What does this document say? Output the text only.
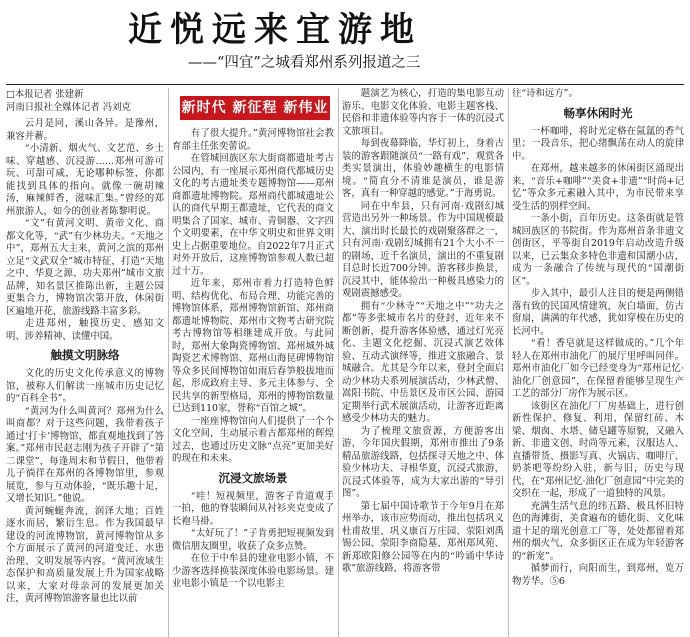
近悦远来宜游地
——“四宜”之城看郑州系列报道之三
□本报记者 张建新
河南日报社全媒体记者 冯刘克

云月是同，溪山各异。是豫州，兼容并蓄。

“小清新、烟火气、文艺范、乡土味、穿越感、沉浸游……郑州可游可玩、可甜可咸，无论哪种标签，你都能找到具体的指向。就像一碗胡辣汤，麻辣鲜香，滋味汇集。”曾经的郑州旅游人，如今的创业者陈黎明说。

“文”有黄河文明、黄帝文化、商都文化等，“武”有少林功夫。“天地之中”，郑州五大主来，黄河之滨的郑州立足“文武双全”城市特征，打造“天地之中、华夏之源、功夫郑州”城市文旅品牌，知名景区推陈出新，主题公园更集合力，博物馆次第开放，休闲街区遍地开花，旅游线路丰富多彩。

走进郑州，触摸历史、感知文明、涉养精神、读懂中国。

触摸文明脉络

文化的历史文化传承意义的博物馆，被称人们解读一座城市历史记忆的“百科全书”。

“黄河为什么叫黄河？郑州为什么叫商都？对于这些问题，我带着孩子通过‘打卡’博物馆，都直观地找到了答案。”郑州市民赵志刚为孩子开辟了“第二课堂”，每逢周末和节假日，他带着儿子徜徉在郑州的各博物馆里，参观展览，参与互动体验，“既乐趣十足，又增长知识。”他说。

黄河蜿蜒奔流，润泽大地；百姓逐水而居，繁衍生息。作为我国最早建设的河流博物馆，黄河博物馆从多个方面展示了黄河的河道变迁、水患治理、文明发展等内容。“黄河流域生态保护和高质量发展上升为国家战略以来，大家对母亲河的发展更加关注，黄河博物馆游客量也比以前

新时代 新征程 新伟业

有了很大提升。”黄河博物馆社会教育部主任张奕蕾说。

在管城回族区东大街商都遗址考古公园内，有一座展示郑州商代都城历史文化的考古遗址类专题博物馆——郑州商都遗址博物院。郑州商代都城遗址公认的商代早期王都遗址，它代表的商文明集合了国家、城市、青铜器、文字四个文明要素，在中华文明史和世界文明史上占据重要地位。自2022年7月正式对外开放后，这座博物馆参观人数已超过十万。

近年来，郑州市着力打造特色鲜明、结构优化、布局合理、功能完善的博物馆体系，郑州博物馆新馆、郑州商都遗址博物院、郑州市文物考古研究院考古博物馆等相继建成开放。与此同时，郑州大象陶瓷博物馆、郑州城外城陶瓷艺术博物馆、郑州山海昆碑博物馆等众多民间博物馆如雨后春笋般拔地而起，形成政府主导、多元主体参与、全民共享的新型格局，郑州的博物馆数量已达到110家，誉称“百馆之城”。

一座座博物馆向人们提供了一个个文化空间，生动展示着古都郑州的辉煌过去，也通过历史文脉“点亮”更加美好的现在和未来。

沉浸文旅场景

“哇！短视频里，游客子肯道观手一拍，他的脊装瞬间从衬衫夹克变成了长袍马褂。

“太好玩了！”子肯勇把短视频发到微信朋友圈里，收获了众多点赞。

在位于中牟县的建业电影小镇，不少游客选择换装深度体验电影场景。建业电影小镇是一个以电影主

题演艺为核心，打造的集电影互动游乐、电影文化体验、电影主题客栈、民俗和非遗体验等内容于一体的沉浸式文旅项目。

每到夜幕降临，华灯初上，身着古装的游客跟随演员“一路有戏”，观赏各类实景演出，体验妙趣横生的电影情境。“简直分不清谁是演员，谁是游客，真有一种穿越的感觉。”于海勇说。

同在中牟县，只有河南·戏剧幻城营造出另外一种场景。作为中国规模最大、演出时长最长的戏剧聚落群之一，只有河南·戏剧幻城拥有21个大小不一的剧场，近千名演员，演出的不重复剧目总时长近700分钟。游客移步换景，沉浸其中，能体验出一种极具感染力的观剧震撼感受。

拥有“少林寺”“天地之中”“功夫之都”等多张城市名片的登封，近年来不断创新，提升游客体验感，通过灯光亮化、主题文化挖掘、沉浸式演艺效体验、互动式演绎等，推进文旅融合、景城融合。尤其是今年以来，登封全面启动少林功夫系列展演活动，少林武僧、嵩阳书院、中岳景区及市区公园、游园定期举行武术展演活动，让游客近距离感受少林功夫的魅力。

为了梳理文旅资源，方便游客出游，今年国庆假期，郑州市推出了9条精品旅游线路，包括探寻天地之中、体验少林功夫、寻根华夏，沉浸式旅游，沉浸式体验等，成为大家出游的“导引图”。

第七届中国诗歌节于今年9月在郑州举办，该市应势而动，推出包括巩义杜甫故里、巩义康百万庄园、荥阳刘禹锡公园、荥阳李商隐墓、郑州郑风苑、新郑欧阳修公园等在内的“吟诵中华诗歌”旅游线路，将游客带

往“诗和远方”。

畅享休闲时光

一杯咖啡，将时光定格在氤氲的香气里；一段音乐，把心绪飘荡在动人的旋律中。

在郑州，越来越多的休闲街区涌现出来，“音乐+咖啡”“美食+非遗”“时尚+记忆”等众多元素融入其中，为市民带来享受生活的别样空间。

一条小街，百年历史。这条街就是管城回族区的书院街。作为郑州首条非遗文创街区，平等街自2019年启动改造升级以来，已云集众多特色非遗和国潮小店，成为一条融合了传统与现代的“国潮街区”。

步入其中，最引人注目的便是两侧错落有致的民国风情建筑，灰白墙面，仿古窗扇，满满的年代感，犹如穿梭在历史的长河中。

“看！香皂就是这样做成的。”几个年轻人在郑州市油化厂的展厅里呼叫同伴。郑州市油化厂如今已经变身为“郑州记忆·油化厂创意园”，在保留着能够呈现生产工艺的部分厂房作为展示区。

该街区在油化厂厂房基础上，进行创新性保护、修复、利用，保留红砖、木梁、烟囱、水塔、储皂罐等原貌，又融入新、非遗文创、时尚等元素，汉服达人、直播带货、摄影写真、火锅店、咖啡厅、奶茶吧等纷纷入驻，新与旧，历史与现代，在“郑州记忆·油化厂创意园”中完美的交织在一起，形成了一道独特的风景。

充满生活气息的纬五路、极具怀旧特色的海滩街，美食遍布的德化街、文化味道十足的瑞光创意工厂等，处处都留着郑州的烟火气，众多街区正在成为年轻游客的“新宠”。

循梦而行，向阳而生，到郑州，览万物芳华。⑤6
